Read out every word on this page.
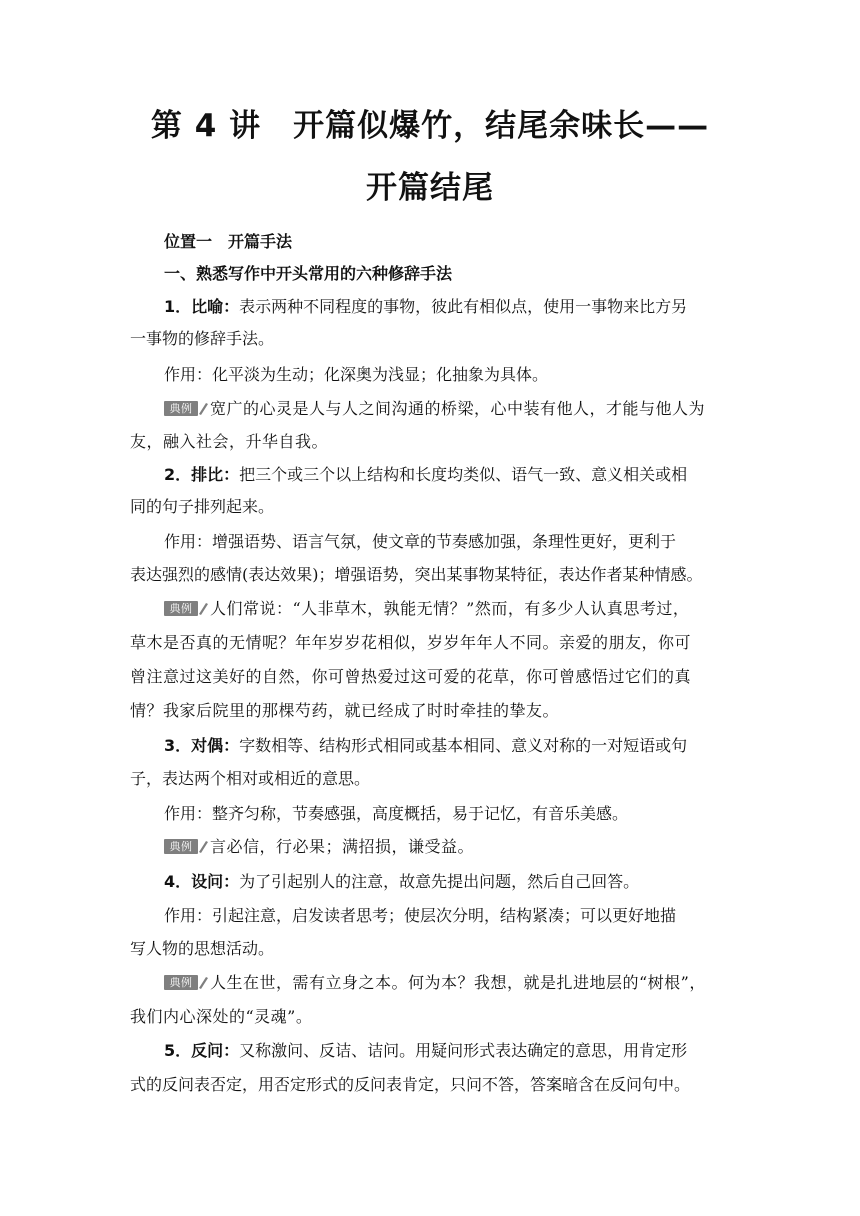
第 4 讲　开篇似爆竹，结尾余味长——
开篇结尾
位置一　开篇手法
一、熟悉写作中开头常用的六种修辞手法
1．比喻：表示两种不同程度的事物，彼此有相似点，使用一事物来比方另
一事物的修辞手法。
作用：化平淡为生动；化深奥为浅显；化抽象为具体。
典例	宽广的心灵是人与人之间沟通的桥梁，心中装有他人，才能与他人为
友，融入社会，升华自我。
2．排比：把三个或三个以上结构和长度均类似、语气一致、意义相关或相
同的句子排列起来。
作用：增强语势、语言气氛，使文章的节奏感加强，条理性更好，更利于
表达强烈的感情(表达效果)；增强语势，突出某事物某特征，表达作者某种情感。
典例	人们常说：“人非草木，孰能无情？”然而，有多少人认真思考过，
草木是否真的无情呢？年年岁岁花相似，岁岁年年人不同。亲爱的朋友，你可
曾注意过这美好的自然，你可曾热爱过这可爱的花草，你可曾感悟过它们的真
情？我家后院里的那棵芍药，就已经成了时时牵挂的挚友。
3．对偶：字数相等、结构形式相同或基本相同、意义对称的一对短语或句
子，表达两个相对或相近的意思。
作用：整齐匀称，节奏感强，高度概括，易于记忆，有音乐美感。
典例	言必信，行必果；满招损，谦受益。
4．设问：为了引起别人的注意，故意先提出问题，然后自己回答。
作用：引起注意，启发读者思考；使层次分明，结构紧凑；可以更好地描
写人物的思想活动。
典例	人生在世，需有立身之本。何为本？我想，就是扎进地层的“树根”，
我们内心深处的“灵魂”。
5．反问：又称激问、反诘、诘问。用疑问形式表达确定的意思，用肯定形
式的反问表否定，用否定形式的反问表肯定，只问不答，答案暗含在反问句中。
